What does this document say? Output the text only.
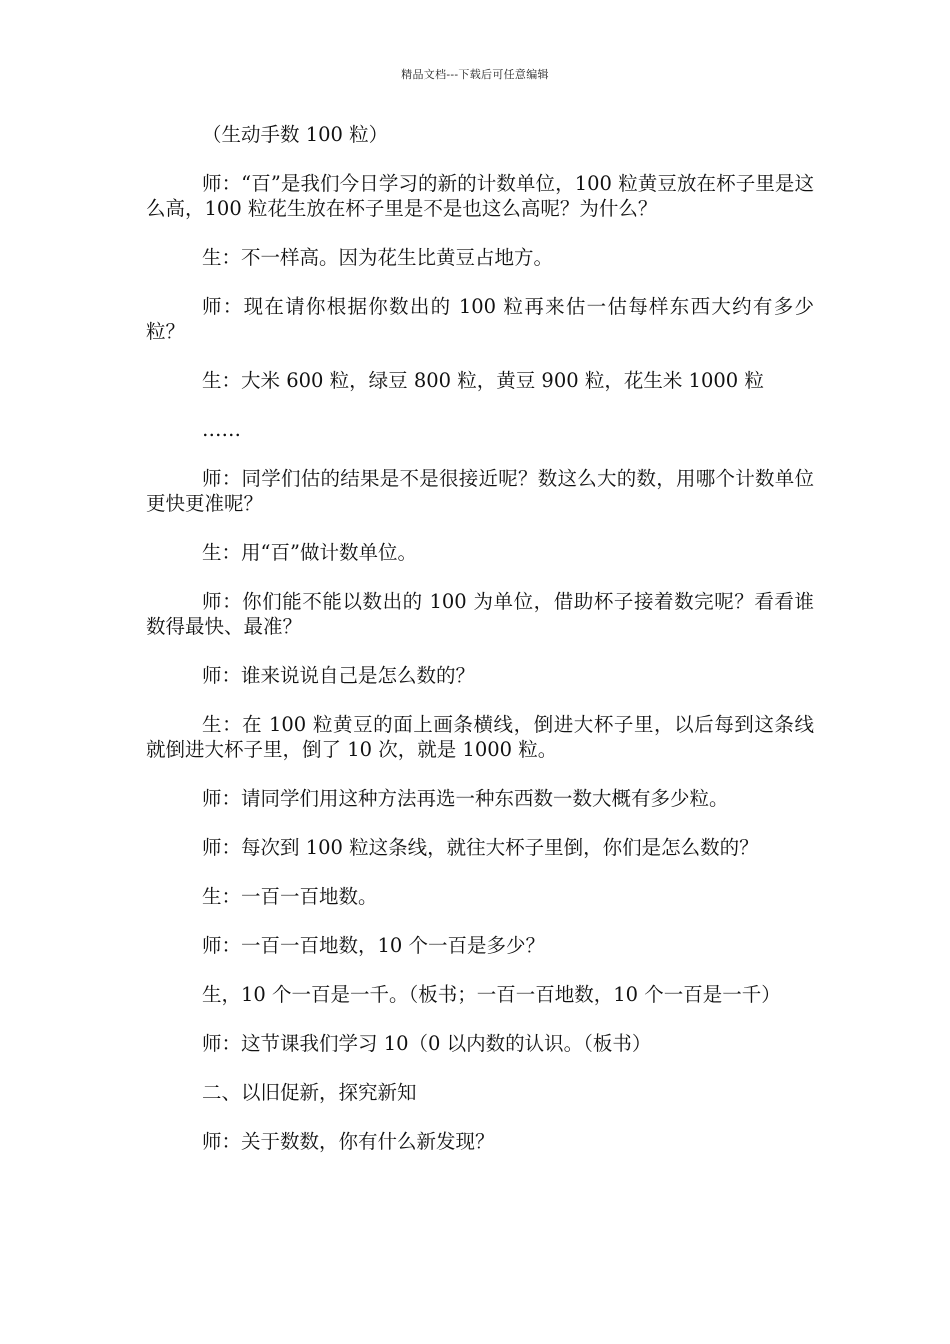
精品文档---下载后可任意编辑

（生动手数 100 粒）

师：“百”是我们今日学习的新的计数单位，100 粒黄豆放在杯子里是这么高，100 粒花生放在杯子里是不是也这么高呢？为什么？

生：不一样高。因为花生比黄豆占地方。

师：现在请你根据你数出的 100 粒再来估一估每样东西大约有多少粒？

生：大米 600 粒，绿豆 800 粒，黄豆 900 粒，花生米 1000 粒

……

师：同学们估的结果是不是很接近呢？数这么大的数，用哪个计数单位更快更准呢？

生：用“百”做计数单位。

师：你们能不能以数出的 100 为单位，借助杯子接着数完呢？看看谁数得最快、最准？

师：谁来说说自己是怎么数的？

生：在 100 粒黄豆的面上画条横线，倒进大杯子里，以后每到这条线就倒进大杯子里，倒了 10 次，就是 1000 粒。

师：请同学们用这种方法再选一种东西数一数大概有多少粒。

师：每次到 100 粒这条线，就往大杯子里倒，你们是怎么数的？

生：一百一百地数。

师：一百一百地数，10 个一百是多少？

生，10 个一百是一千。（板书；一百一百地数，10 个一百是一千）

师：这节课我们学习 10（0 以内数的认识。（板书）

二、以旧促新，探究新知

师：关于数数，你有什么新发现？
